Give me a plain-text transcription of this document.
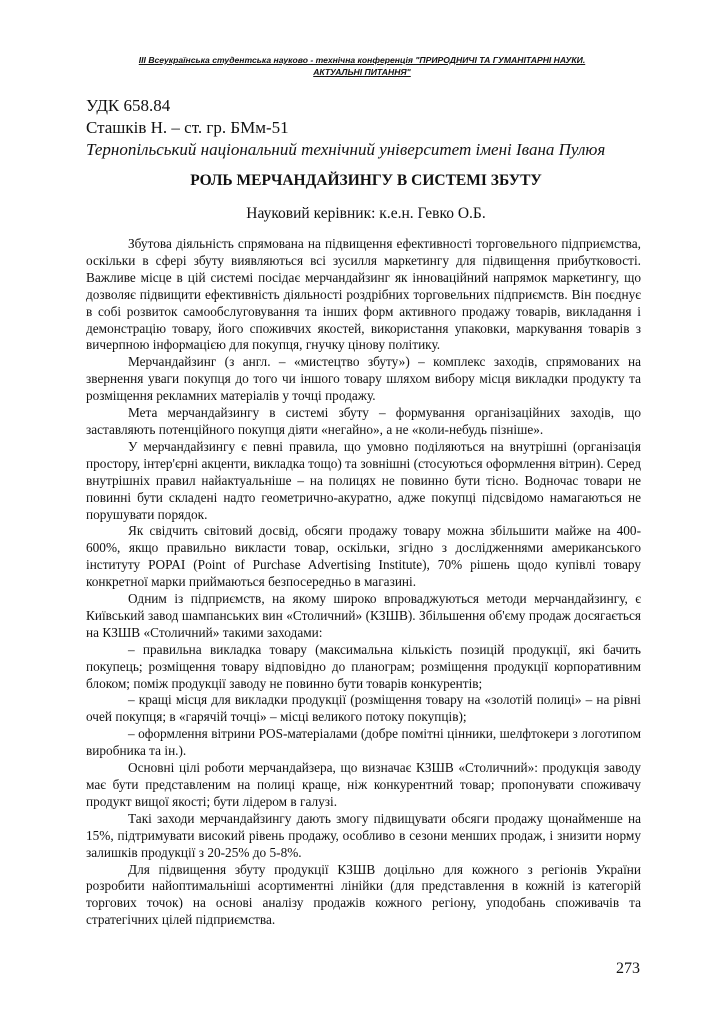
III Всеукраїнська студентська науково - технічна конференція "ПРИРОДНИЧІ ТА ГУМАНІТАРНІ НАУКИ.
АКТУАЛЬНІ ПИТАННЯ"
УДК 658.84
Сташків Н. – ст. гр. БМм-51
Тернопільський національний технічний університет імені Івана Пулюя
РОЛЬ МЕРЧАНДАЙЗИНГУ В СИСТЕМІ ЗБУТУ
Науковий керівник: к.е.н. Гевко О.Б.

Збутова діяльність спрямована на підвищення ефективності торговельного підприємства, оскільки в сфері збуту виявляються всі зусилля маркетингу для підвищення прибутковості. Важливе місце в цій системі посідає мерчандайзинг як інноваційний напрямок маркетингу, що дозволяє підвищити ефективність діяльності роздрібних торговельних підприємств. Він поєднує в собі розвиток самообслуговування та інших форм активного продажу товарів, викладання і демонстрацію товару, його споживчих якостей, використання упаковки, маркування товарів з вичерпною інформацією для покупця, гнучку цінову політику.

Мерчандайзинг (з англ. – «мистецтво збуту») – комплекс заходів, спрямованих на звернення уваги покупця до того чи іншого товару шляхом вибору місця викладки продукту та розміщення рекламних матеріалів у точці продажу.

Мета мерчандайзингу в системі збуту – формування організаційних заходів, що заставляють потенційного покупця діяти «негайно», а не «коли-небудь пізніше».

У мерчандайзингу є певні правила, що умовно поділяються на внутрішні (організація простору, інтер'єрні акценти, викладка тощо) та зовнішні (стосуються оформлення вітрин). Серед внутрішніх правил найактуальніше – на полицях не повинно бути тісно. Водночас товари не повинні бути складені надто геометрично-акуратно, адже покупці підсвідомо намагаються не порушувати порядок.

Як свідчить світовий досвід, обсяги продажу товару можна збільшити майже на 400-600%, якщо правильно викласти товар, оскільки, згідно з дослідженнями американського інституту POPAI (Point of Purchase Advertising Institute), 70% рішень щодо купівлі товару конкретної марки приймаються безпосередньо в магазині.

Одним із підприємств, на якому широко впроваджуються методи мерчандайзингу, є Київський завод шампанських вин «Столичний» (КЗШВ). Збільшення об'єму продаж досягається на КЗШВ «Столичний» такими заходами:

– правильна викладка товару (максимальна кількість позицій продукції, які бачить покупець; розміщення товару відповідно до планограм; розміщення продукції корпоративним блоком; поміж продукції заводу не повинно бути товарів конкурентів;

– кращі місця для викладки продукції (розміщення товару на «золотій полиці» – на рівні очей покупця; в «гарячій точці» – місці великого потоку покупців);

– оформлення вітрини POS-матеріалами (добре помітні цінники, шелфтокери з логотипом виробника та ін.).

Основні цілі роботи мерчандайзера, що визначає КЗШВ «Столичний»: продукція заводу має бути представленим на полиці краще, ніж конкурентний товар; пропонувати споживачу продукт вищої якості; бути лідером в галузі.

Такі заходи мерчандайзингу дають змогу підвищувати обсяги продажу щонайменше на 15%, підтримувати високий рівень продажу, особливо в сезони менших продаж, і знизити норму залишків продукції з 20-25% до 5-8%.

Для підвищення збуту продукції КЗШВ доцільно для кожного з регіонів України розробити найоптимальніші асортиментні лінійки (для представлення в кожній із категорій торгових точок) на основі аналізу продажів кожного регіону, уподобань споживачів та стратегічних цілей підприємства.

273
